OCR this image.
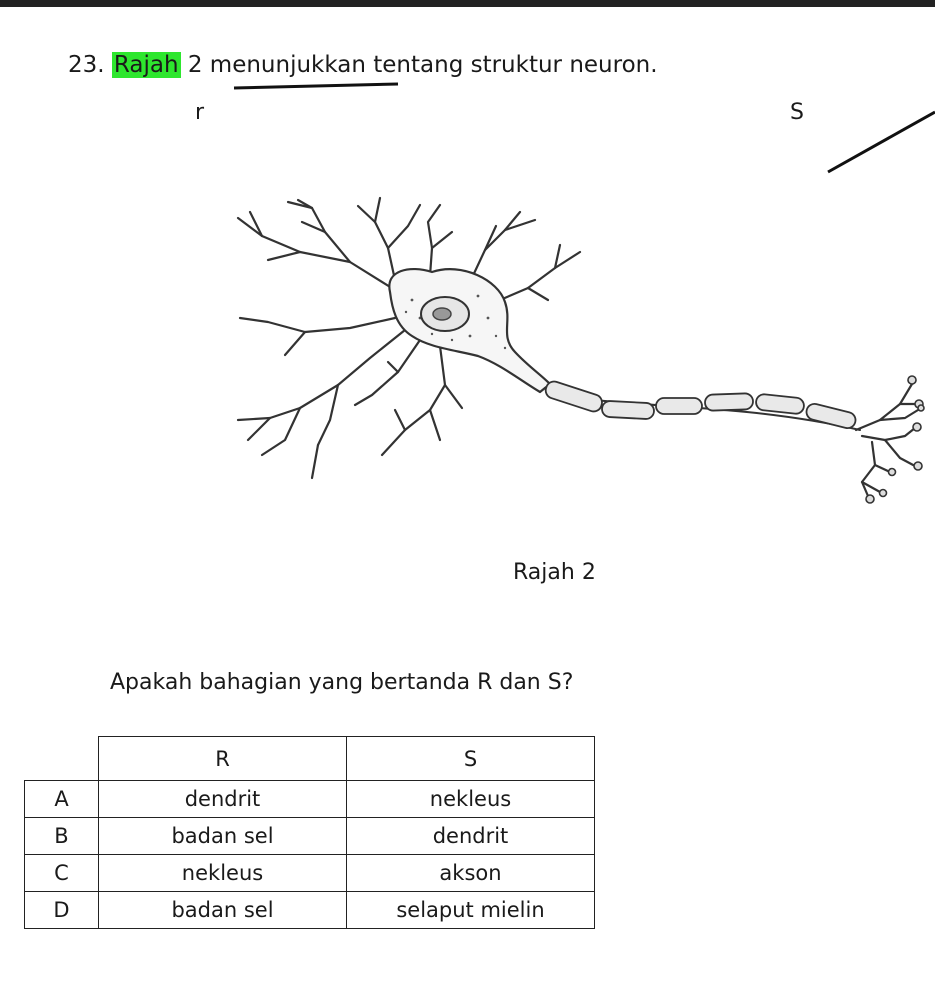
23. Rajah 2 menunjukkan tentang struktur neuron.
r	S
Rajah 2
Apakah bahagian yang bertanda R dan S?
	R	S
A	dendrit	nekleus
B	badan sel	dendrit
C	nekleus	akson
D	badan sel	selaput mielin
